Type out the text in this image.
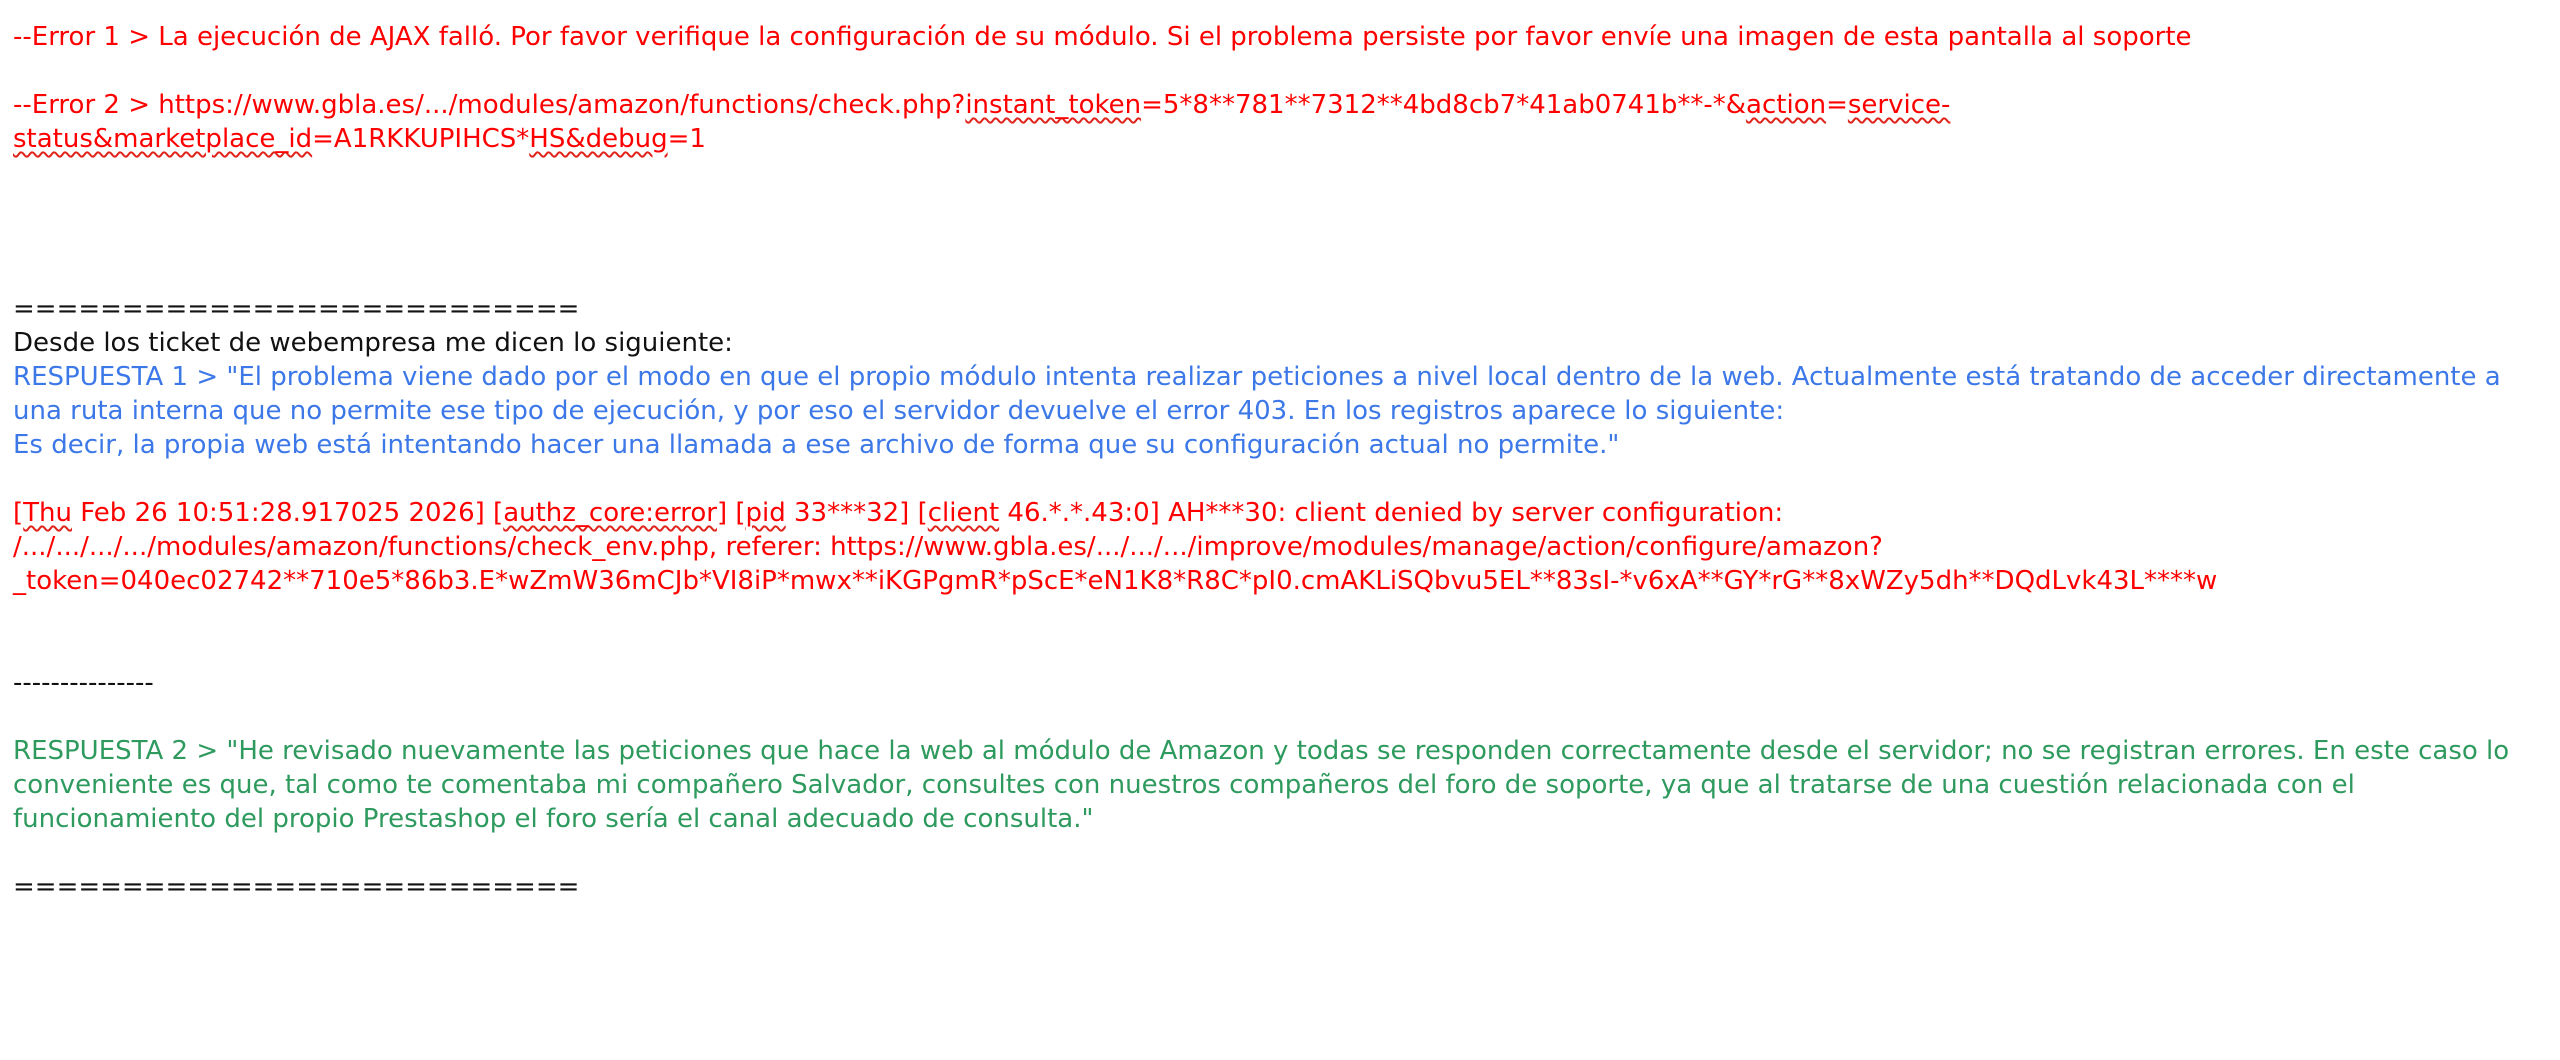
--Error 1 > La ejecución de AJAX falló. Por favor verifique la configuración de su módulo. Si el problema persiste por favor envíe una imagen de esta pantalla al soporte
--Error 2 > https://www.gbla.es/.../modules/amazon/functions/check.php?instant_token=5*8**781**7312**4bd8cb7*41ab0741b**-*&action=service-
status&marketplace_id=A1RKKUPIHCS*HS&debug=1
==========================
Desde los ticket de webempresa me dicen lo siguiente:
RESPUESTA 1 > "El problema viene dado por el modo en que el propio módulo intenta realizar peticiones a nivel local dentro de la web. Actualmente está tratando de acceder directamente a
una ruta interna que no permite ese tipo de ejecución, y por eso el servidor devuelve el error 403. En los registros aparece lo siguiente:
Es decir, la propia web está intentando hacer una llamada a ese archivo de forma que su configuración actual no permite."
[Thu Feb 26 10:51:28.917025 2026] [authz_core:error] [pid 33***32] [client 46.*.*.43:0] AH***30: client denied by server configuration:
/.../.../.../.../modules/amazon/functions/check_env.php, referer: https://www.gbla.es/.../.../.../improve/modules/manage/action/configure/amazon?
_token=040ec02742**710e5*86b3.E*wZmW36mCJb*VI8iP*mwx**iKGPgmR*pScE*eN1K8*R8C*pI0.cmAKLiSQbvu5EL**83sI-*v6xA**GY*rG**8xWZy5dh**DQdLvk43L****w
---------------
RESPUESTA 2 > "He revisado nuevamente las peticiones que hace la web al módulo de Amazon y todas se responden correctamente desde el servidor; no se registran errores. En este caso lo
conveniente es que, tal como te comentaba mi compañero Salvador, consultes con nuestros compañeros del foro de soporte, ya que al tratarse de una cuestión relacionada con el
funcionamiento del propio Prestashop el foro sería el canal adecuado de consulta."
==========================
